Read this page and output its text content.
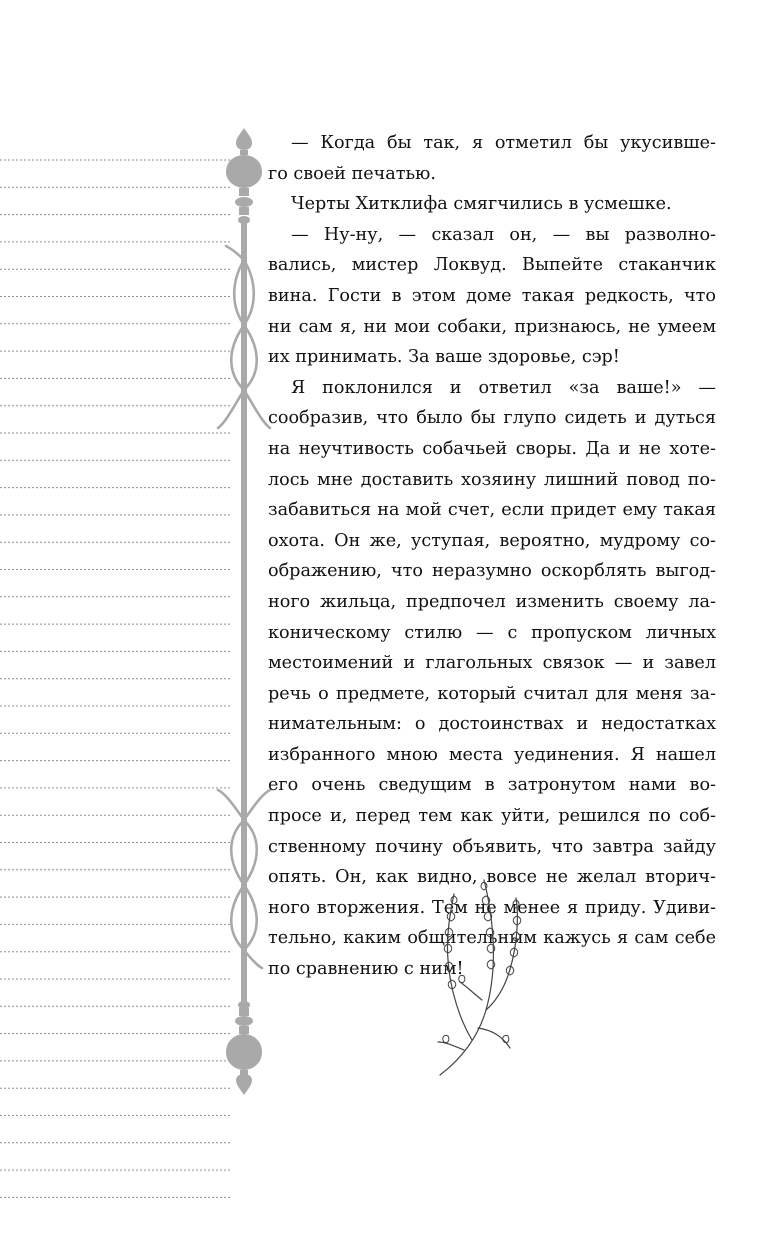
— Когда бы так, я отметил бы укусивше-

го своей печатью.

Черты Хитклифа смягчились в усмешке.

— Ну-ну, — сказал он, — вы разволно-

вались, мистер Локвуд. Выпейте стаканчик

вина. Гости в этом доме такая редкость, что

ни сам я, ни мои собаки, признаюсь, не умеем

их принимать. За ваше здоровье, сэр!

Я поклонился и ответил «за ваше!» —

сообразив, что было бы глупо сидеть и дуться

на неучтивость собачьей своры. Да и не хоте-

лось мне доставить хозяину лишний повод по-

забавиться на мой счет, если придет ему такая

охота. Он же, уступая, вероятно, мудрому со-

ображению, что неразумно оскорблять выгод-

ного жильца, предпочел изменить своему ла-

коническому стилю — с пропуском личных

местоимений и глагольных связок — и завел

речь о предмете, который считал для меня за-

нимательным: о достоинствах и недостатках

избранного мною места уединения. Я нашел

его очень сведущим в затронутом нами во-

просе и, перед тем как уйти, решился по соб-

ственному почину объявить, что завтра зайду

опять. Он, как видно, вовсе не желал вторич-

ного вторжения. Тем не менее я приду. Удиви-

тельно, каким общительным кажусь я сам себе

по сравнению с ним!
